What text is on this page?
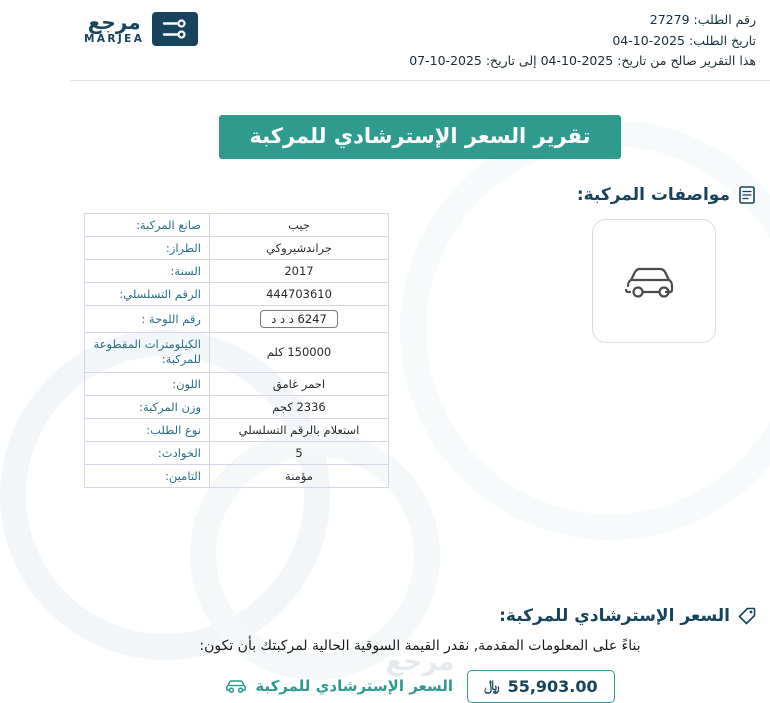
رقم الطلب: 27279
تاريخ الطلب: 2025-10-04
هذا التقرير صالح من تاريخ: 2025-10-04 إلى تاريخ: 2025-10-07
مرجع
MARJEA
تقرير السعر الإسترشادي للمركبة
مواصفات المركبة:
جيب	صانع المركبة:
جراندشيروكي	الطراز:
2017	السنة:
444703610	الرقم التسلسلي:
6247 د د د	رقم اللوحة :
150000 كلم	الكيلومترات المقطوعة للمركبة:
احمر غامق	اللون:
2336 كجم	وزن المركبة:
استعلام بالرقم التسلسلي	نوع الطلب:
5	الخوادث:
مؤمنة	التامين:
السعر الإسترشادي للمركبة:
بناءً على المعلومات المقدمة, نقدر القيمة السوقية الحالية لمركبتك بأن تكون:
﷼ 55,903.00
السعر الإسترشادي للمركبة
مرجع
